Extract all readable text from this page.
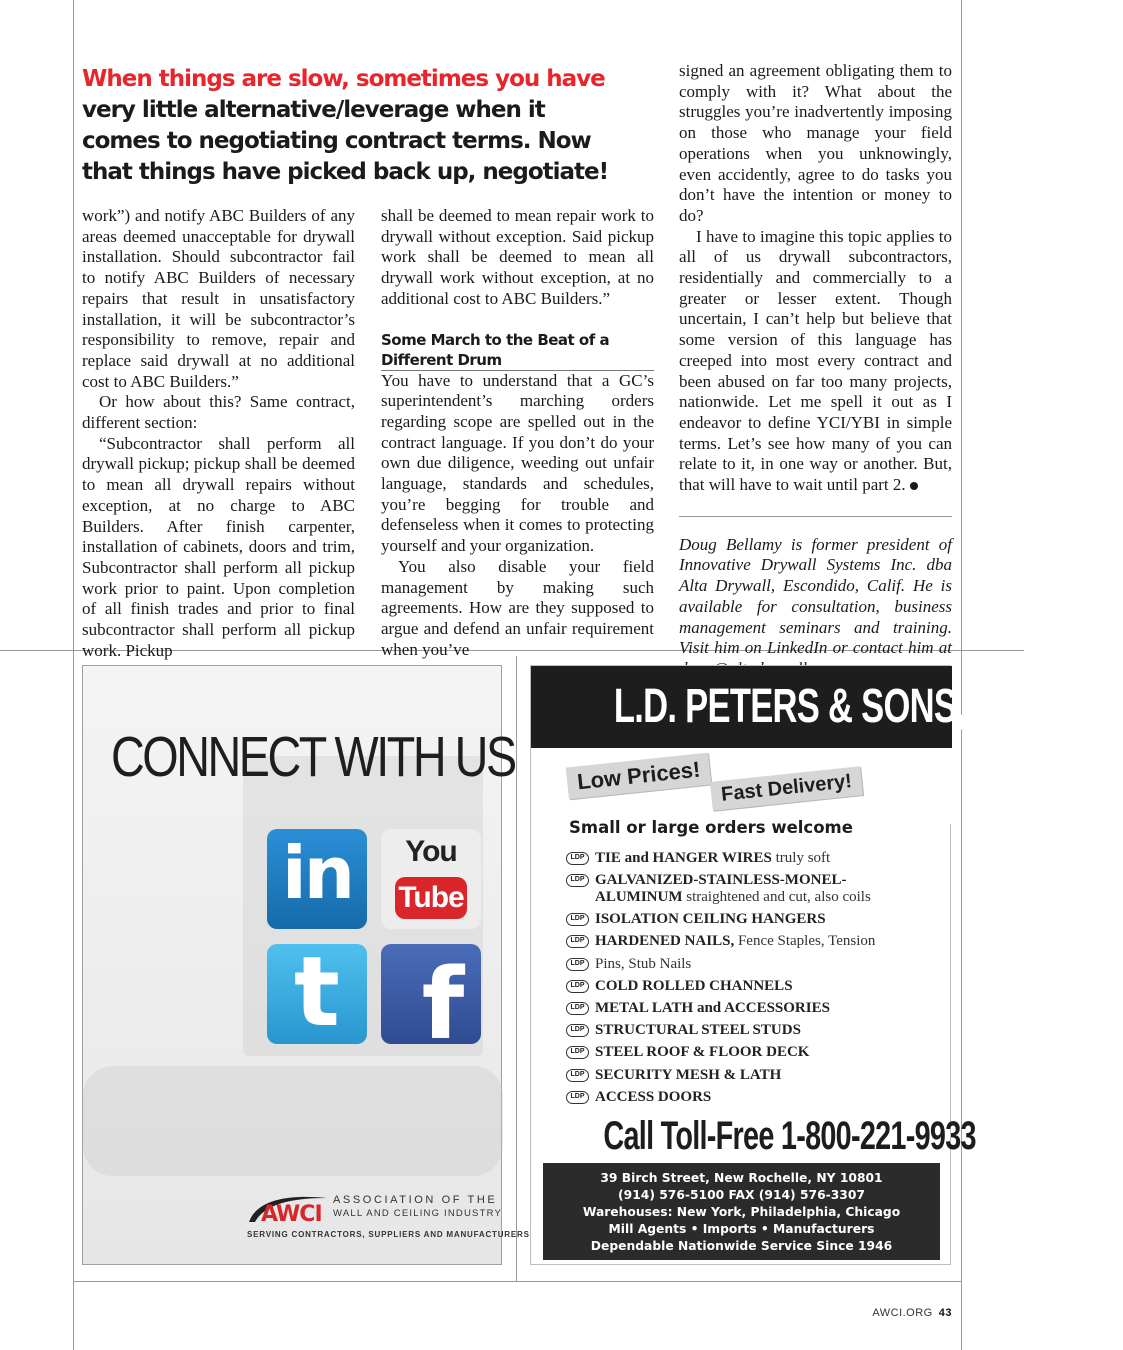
When things are slow, sometimes you have very little alternative/leverage when it comes to negotiating contract terms. Now that things have picked back up, negotiate!

work”) and notify ABC Builders of any areas deemed unacceptable for drywall installation. Should subcontractor fail to notify ABC Builders of necessary repairs that result in unsatisfactory installation, it will be subcontractor’s responsibility to remove, repair and replace said drywall at no additional cost to ABC Builders.”

Or how about this? Same contract, different section:

“Subcontractor shall perform all drywall pickup; pickup shall be deemed to mean all drywall repairs without exception, at no charge to ABC Builders. After finish carpenter, installation of cabinets, doors and trim, Subcontractor shall perform all pickup work prior to paint. Upon completion of all finish trades and prior to final subcontractor shall perform all pickup work. Pickup

shall be deemed to mean repair work to drywall without exception. Said pickup work shall be deemed to mean all drywall work without exception, at no additional cost to ABC Builders.”

Some March to the Beat of a Different Drum

You have to understand that a GC’s superintendent’s marching orders regarding scope are spelled out in the contract language. If you don’t do your own due diligence, weeding out unfair language, standards and schedules, you’re begging for trouble and defenseless when it comes to protecting yourself and your organization.

You also disable your field management by making such agreements. How are they supposed to argue and defend an unfair requirement when you’ve

signed an agreement obligating them to comply with it? What about the struggles you’re inadvertently imposing on those who manage your field operations when you unknowingly, even accidently, agree to do tasks you don’t have the intention or money to do?

I have to imagine this topic applies to all of us drywall subcontractors, residentially and commercially to a greater or lesser extent. Though uncertain, I can’t help but believe that some version of this language has creeped into most every contract and been abused on far too many projects, nationwide. Let me spell it out as I endeavor to define YCI/YBI in simple terms. Let’s see how many of you can relate to it, in one way or another. But, that will have to wait until part 2.

Doug Bellamy is former president of Innovative Drywall Systems Inc. dba Alta Drywall, Escondido, Calif. He is available for consultation, business management seminars and training. Visit him on LinkedIn or contact him at

CONNECT WITH US
in	You
Tube
t f
AWCI
ASSOCIATION OF THE
WALL AND CEILING INDUSTRY
SERVING CONTRACTORS, SUPPLIERS AND MANUFACTURERS
L.D. PETERS & SONS, INC.
Low Prices! Fast Delivery!
Small or large orders welcome
LDP TIE and HANGER WIRES truly soft
LDP GALVANIZED-STAINLESS-MONEL-
ALUMINUM straightened and cut, also coils
LDP ISOLATION CEILING HANGERS
LDP HARDENED NAILS, Fence Staples, Tension
LDP Pins, Stub Nails
LDP COLD ROLLED CHANNELS
LDP METAL LATH and ACCESSORIES
LDP STRUCTURAL STEEL STUDS
LDP STEEL ROOF & FLOOR DECK
LDP SECURITY MESH & LATH
LDP ACCESS DOORS
Call Toll-Free 1-800-221-9933
39 Birch Street, New Rochelle, NY 10801
(914) 576-5100 FAX (914) 576-3307
Warehouses: New York, Philadelphia, Chicago
Mill Agents • Imports • Manufacturers
Dependable Nationwide Service Since 1946
AWCI.ORG 43
